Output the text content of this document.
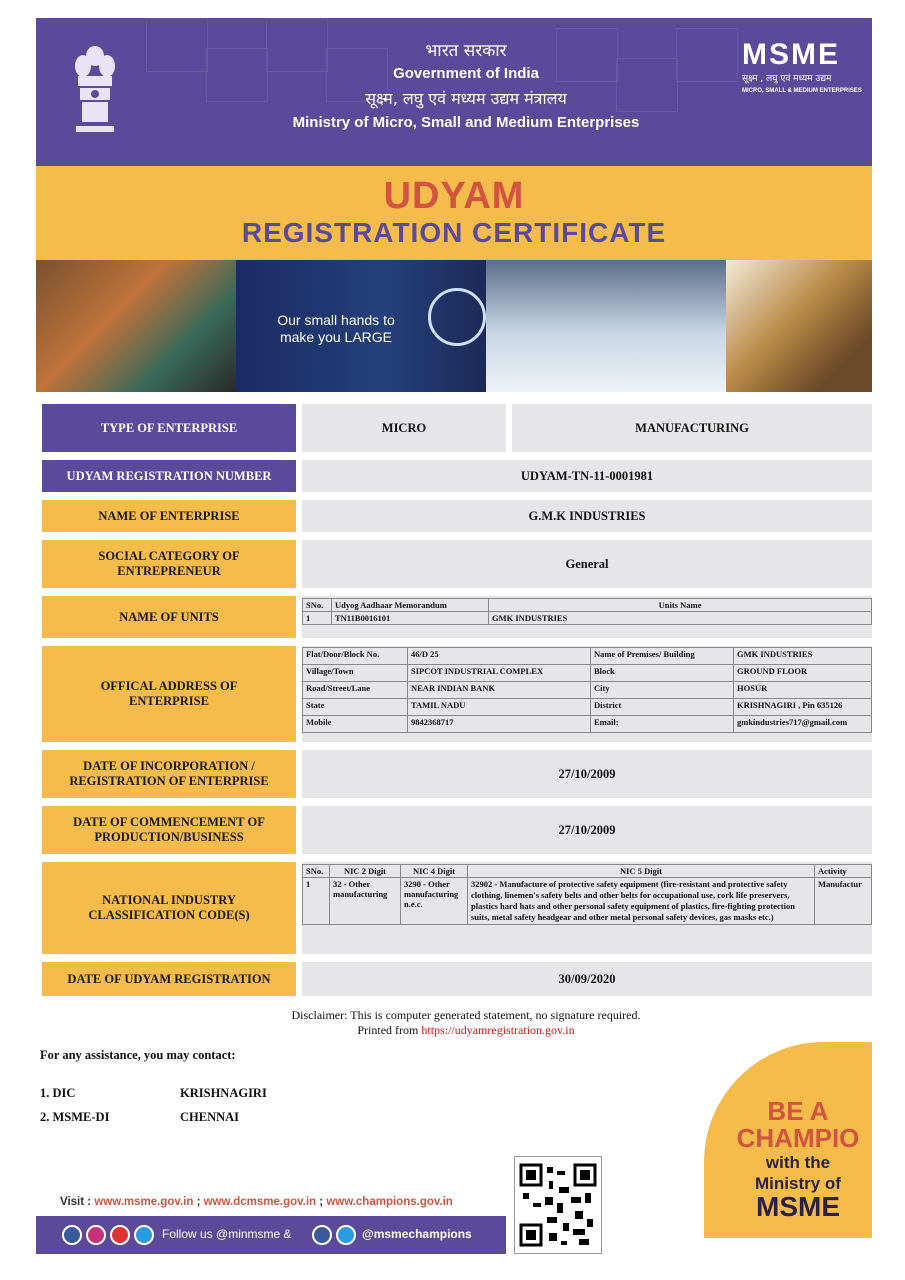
भारत सरकार
Government of India
सूक्ष्म, लघु एवं मध्यम उद्यम मंत्रालय
Ministry of Micro, Small and Medium Enterprises
MSME
सूक्ष्म , लघु एवं मध्यम उद्यम
MICRO, SMALL & MEDIUM ENTERPRISES
UDYAM
REGISTRATION CERTIFICATE
Our small hands to
make you LARGE
TYPE OF ENTERPRISE	MICRO	MANUFACTURING
UDYAM REGISTRATION NUMBER	UDYAM-TN-11-0001981
NAME OF ENTERPRISE	G.M.K INDUSTRIES
SOCIAL CATEGORY OF ENTREPRENEUR
General
NAME OF UNITS
SNo.	Udyog Aadhaar Memorandum	Units Name
1	TN11B0016101	GMK INDUSTRIES
OFFICAL ADDRESS OF ENTERPRISE
Flat/Door/Block No.	46/D 25	Name of Premises/ Building	GMK INDUSTRIES
Village/Town	SIPCOT INDUSTRIAL COMPLEX	Block	GROUND FLOOR
Road/Street/Lane	NEAR INDIAN BANK	City	HOSUR
State	TAMIL NADU	District	KRISHNAGIRI , Pin 635126
Mobile	9842368717	Email:	gmkindustries717@gmail.com
DATE OF INCORPORATION / REGISTRATION OF ENTERPRISE
27/10/2009
DATE OF COMMENCEMENT OF PRODUCTION/BUSINESS
27/10/2009
NATIONAL INDUSTRY CLASSIFICATION CODE(S)
SNo.	NIC 2 Digit	NIC 4 Digit	NIC 5 Digit	Activity
1	32 - Other manufacturing	3290 - Other manufacturing n.e.c.	32902 - Manufacture of protective safety equipment (fire-resistant and protective safety clothing, linemen's safety belts and other belts for occupational use, cork life preservers, plastics hard hats and other personal safety equipment of plastics, fire-fighting protection suits, metal safety headgear and other metal personal safety devices, gas masks etc.)	Manufactur
DATE OF UDYAM REGISTRATION	30/09/2020
Disclaimer: This is computer generated statement, no signature required.
Printed from https://udyamregistration.gov.in
For any assistance, you may contact:
1. DIC	KRISHNAGIRI
2. MSME-DI	CHENNAI	BE A
CHAMPIO
with the
Ministry of
MSME
Visit : www.msme.gov.in ; www.dcmsme.gov.in ; www.champions.gov.in
Follow us @minmsme &	@msmechampions
